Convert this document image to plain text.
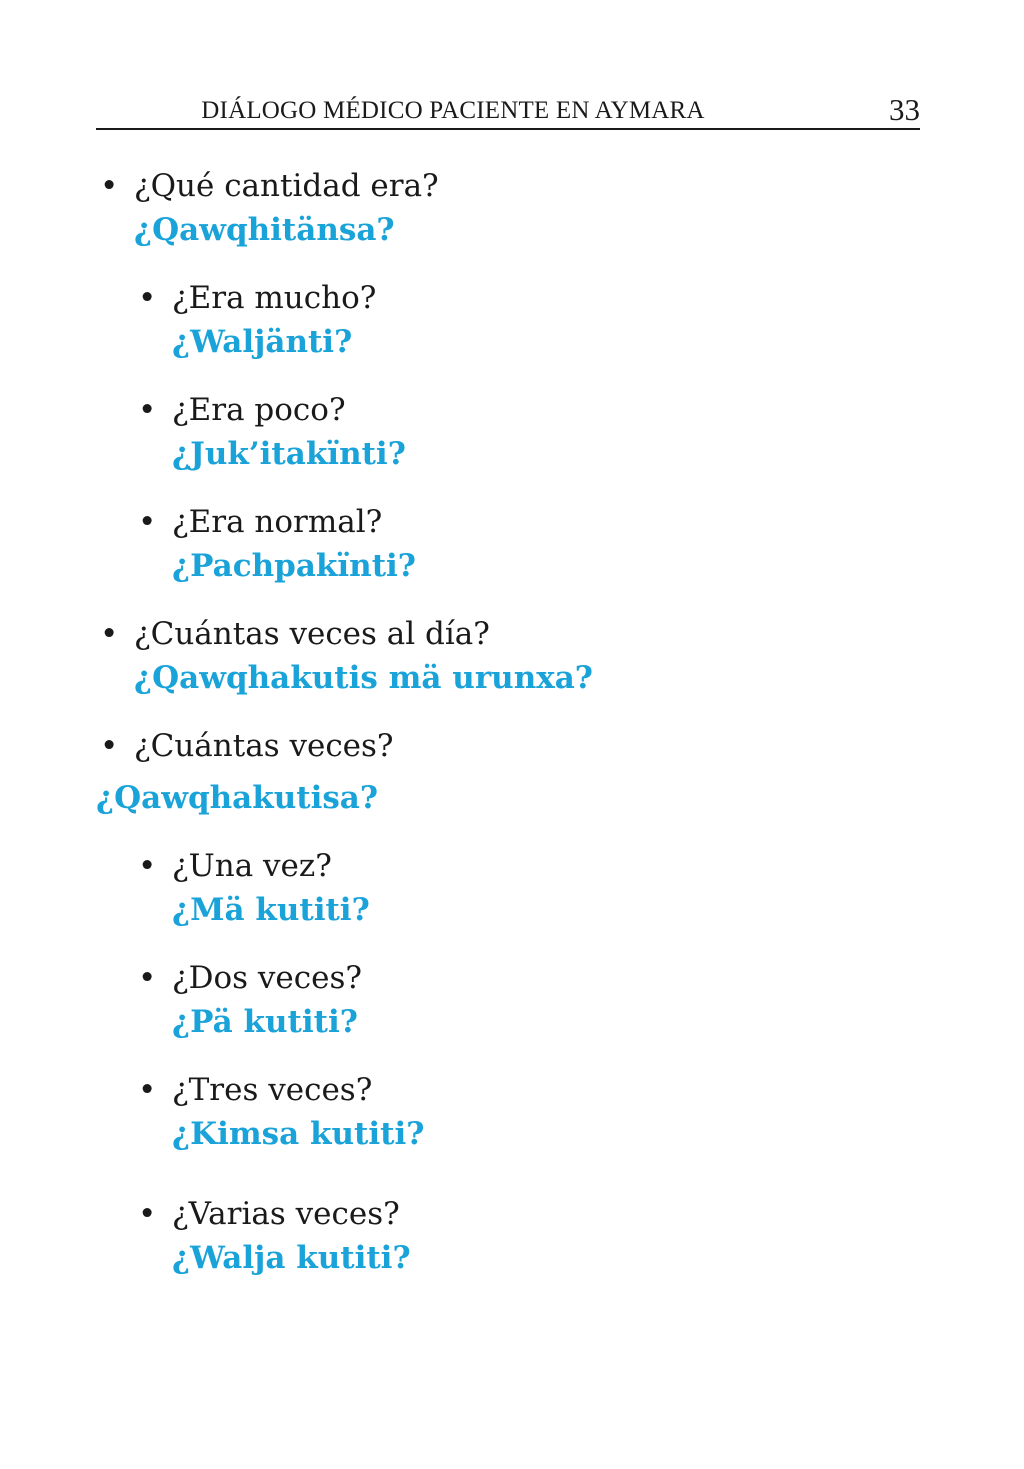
DIÁLOGO MÉDICO PACIENTE EN AYMARA	33
• ¿Qué cantidad era?
¿Qawqhitänsa?
• ¿Era mucho?
¿Waljänti?
• ¿Era poco?
¿Juk’itakïnti?
• ¿Era normal?
¿Pachpakïnti?
• ¿Cuántas veces al día?
¿Qawqhakutis mä urunxa?
• ¿Cuántas veces?
¿Qawqhakutisa?
• ¿Una vez?
¿Mä kutiti?
• ¿Dos veces?
¿Pä kutiti?
• ¿Tres veces?
¿Kimsa kutiti?
• ¿Varias veces?
¿Walja kutiti?
